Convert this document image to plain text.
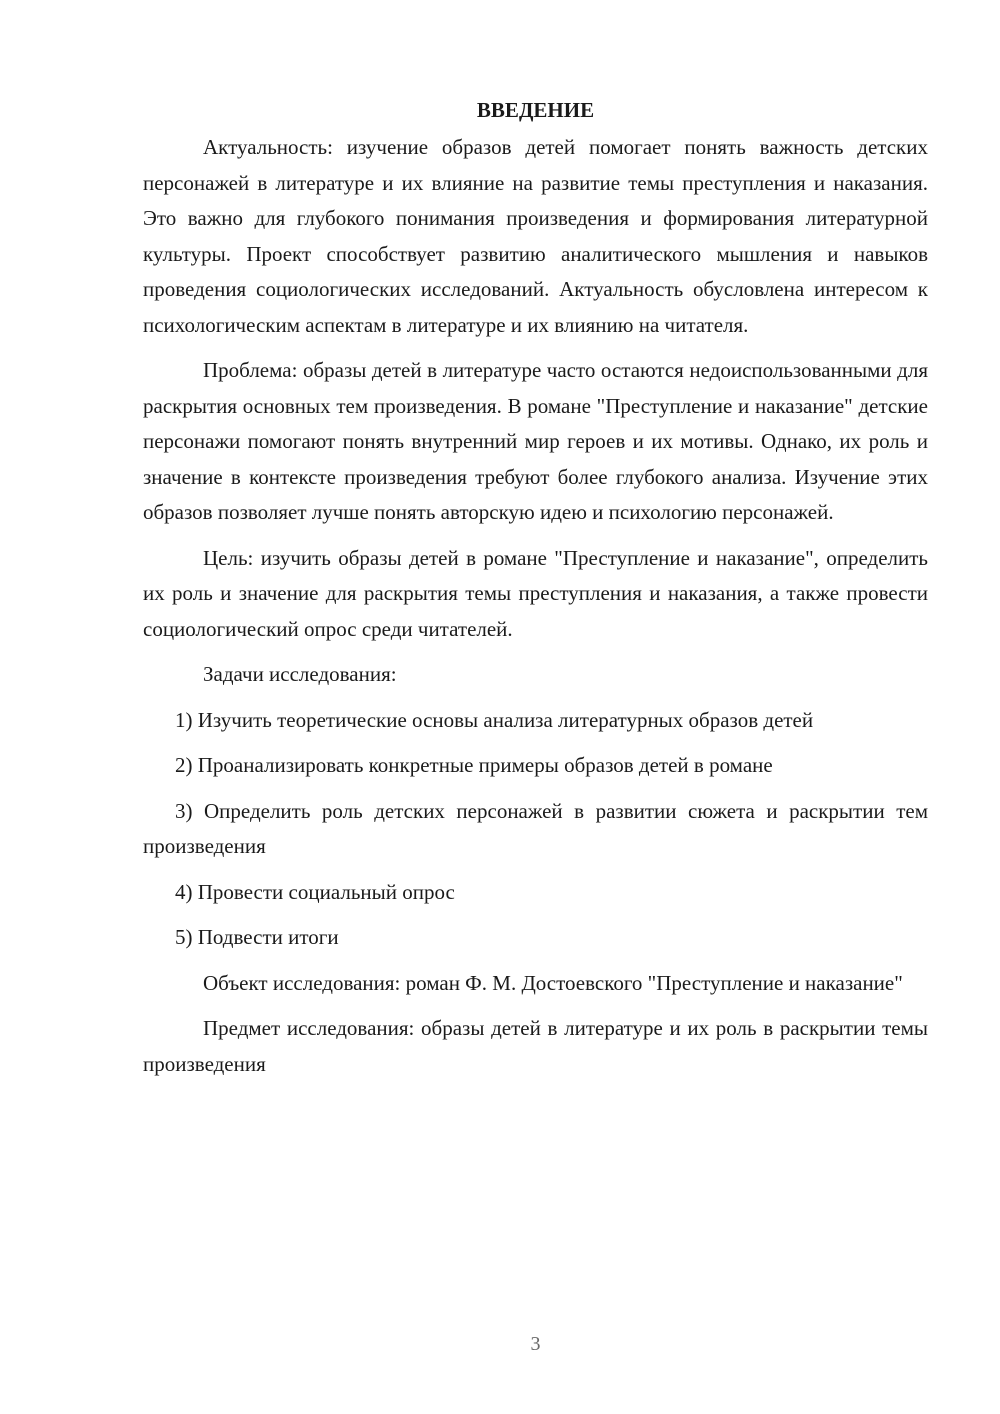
ВВЕДЕНИЕ

Актуальность: изучение образов детей помогает понять важность детских персонажей в литературе и их влияние на развитие темы преступления и наказания. Это важно для глубокого понимания произведения и формирования литературной культуры. Проект способствует развитию аналитического мышления и навыков проведения социологических исследований. Актуальность обусловлена интересом к психологическим аспектам в литературе и их влиянию на читателя.

Проблема: образы детей в литературе часто остаются недоиспользованными для раскрытия основных тем произведения. В романе "Преступление и наказание" детские персонажи помогают понять внутренний мир героев и их мотивы. Однако, их роль и значение в контексте произведения требуют более глубокого анализа. Изучение этих образов позволяет лучше понять авторскую идею и психологию персонажей.

Цель: изучить образы детей в романе "Преступление и наказание", определить их роль и значение для раскрытия темы преступления и наказания, а также провести социологический опрос среди читателей.

Задачи исследования:

1) Изучить теоретические основы анализа литературных образов детей

2) Проанализировать конкретные примеры образов детей в романе

3) Определить роль детских персонажей в развитии сюжета и раскрытии тем произведения

4) Провести социальный опрос

5) Подвести итоги

Объект исследования: роман Ф. М. Достоевского "Преступление и наказание"

Предмет исследования: образы детей в литературе и их роль в раскрытии темы произведения

3
